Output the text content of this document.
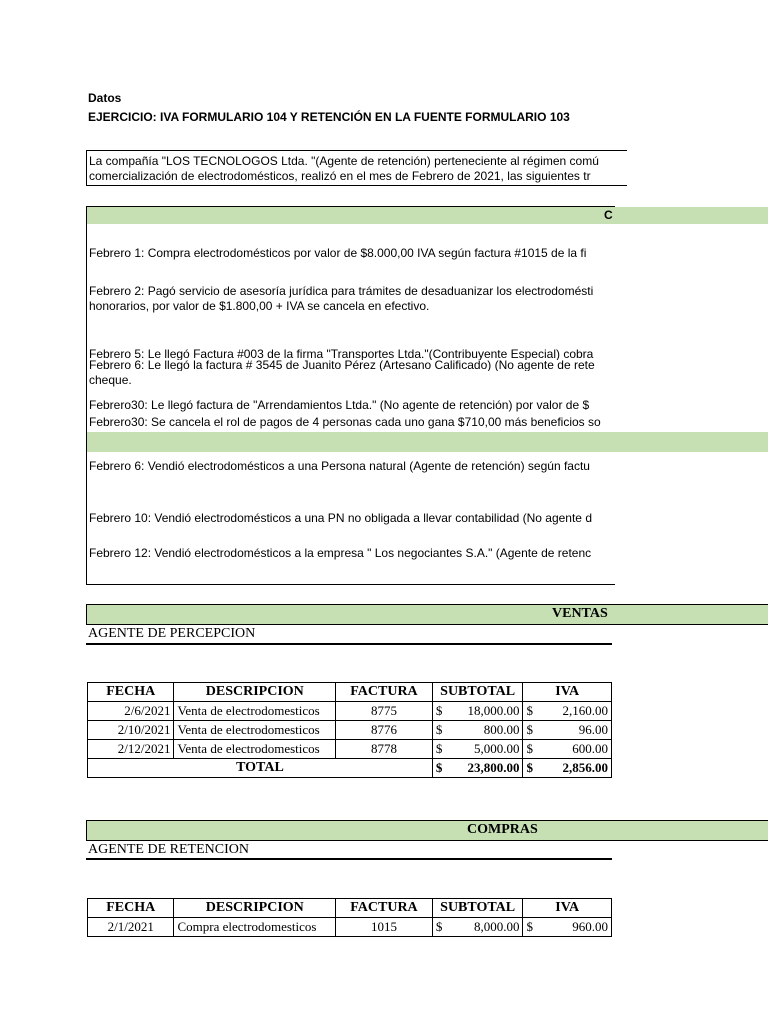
Datos
EJERCICIO: IVA FORMULARIO 104 Y RETENCIÓN EN LA FUENTE FORMULARIO 103
La compañía "LOS TECNOLOGOS Ltda. "(Agente de retención) perteneciente al régimen comú
comercialización de electrodomésticos, realizó en el mes de Febrero de 2021, las siguientes tr
C
Febrero 1: Compra electrodomésticos por valor de $8.000,00 IVA según factura #1015 de la fi
Febrero 2: Pagó servicio de asesoría jurídica para trámites de desaduanizar los electrodomésti
honorarios, por valor de $1.800,00 + IVA se cancela en efectivo.
Febrero 5: Le llegó Factura #003 de la firma "Transportes Ltda."(Contribuyente Especial) cobra
Febrero 6: Le llegó la factura # 3545 de Juanito Pérez (Artesano Calificado) (No agente de rete
cheque.
Febrero30: Le llegó factura de "Arrendamientos Ltda." (No agente de retención) por valor de $
Febrero30: Se cancela el rol de pagos de 4 personas cada uno gana $710,00 más beneficios so
Febrero 6: Vendió electrodomésticos a una Persona natural (Agente de retención) según factu
Febrero 10: Vendió electrodomésticos a una PN no obligada a llevar contabilidad (No agente d
Febrero 12: Vendió electrodomésticos a la empresa " Los negociantes S.A." (Agente de retenc
VENTAS
AGENTE DE PERCEPCION
FECHA	DESCRIPCION	FACTURA	SUBTOTAL	IVA
2/6/2021	Venta de electrodomesticos	8775	$ 18,000.00	$ 2,160.00

2/10/2021	Venta de electrodomesticos	8776	$ 800.00	$ 96.00

2/12/2021	Venta de electrodomesticos	8778	$ 5,000.00	$ 600.00

TOTAL			$ 23,800.00	$ 2,856.00
COMPRAS
AGENTE DE RETENCION
FECHA	DESCRIPCION	FACTURA	SUBTOTAL	IVA
2/1/2021	Compra electrodomesticos	1015	$ 8,000.00	$ 960.00
